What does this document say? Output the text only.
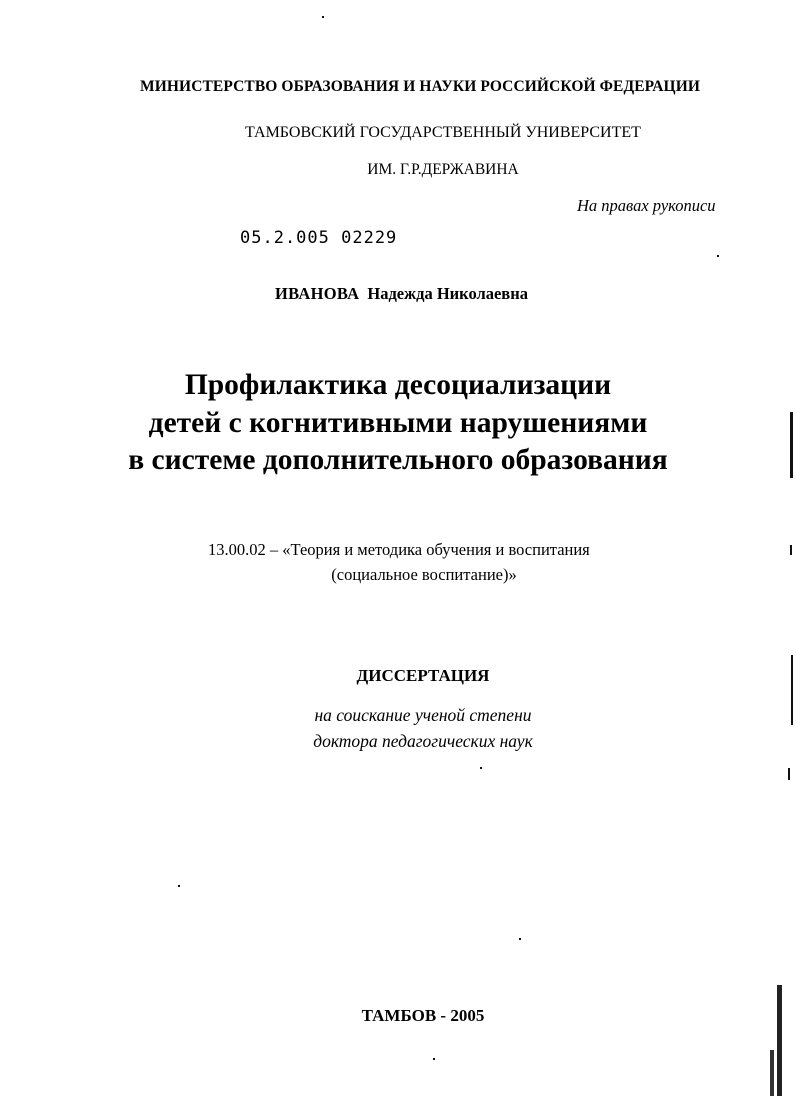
МИНИСТЕРСТВО ОБРАЗОВАНИЯ И НАУКИ РОССИЙСКОЙ ФЕДЕРАЦИИ
ТАМБОВСКИЙ ГОСУДАРСТВЕННЫЙ УНИВЕРСИТЕТ
ИМ. Г.Р.ДЕРЖАВИНА
На правах рукописи
05.2.005 02229
ИВАНОВА Надежда Николаевна
Профилактика десоциализации
детей с когнитивными нарушениями
в системе дополнительного образования
13.00.02 – «Теория и методика обучения и воспитания
(социальное воспитание)»
ДИССЕРТАЦИЯ
на соискание ученой степени
доктора педагогических наук
ТАМБОВ - 2005
